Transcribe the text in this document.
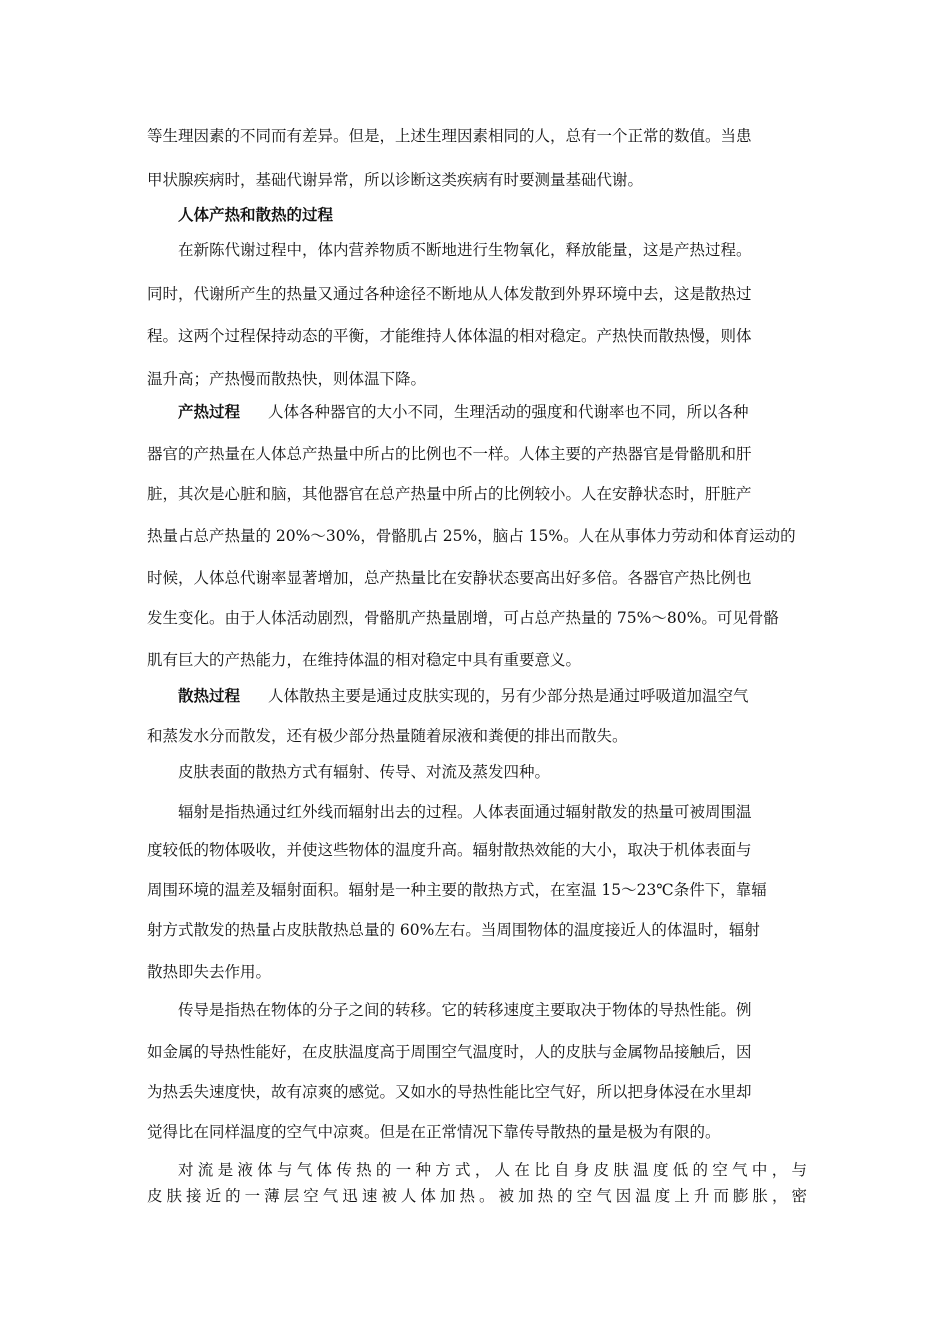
等生理因素的不同而有差异。但是，上述生理因素相同的人，总有一个正常的数值。当患
甲状腺疾病时，基础代谢异常，所以诊断这类疾病有时要测量基础代谢。
人体产热和散热的过程
在新陈代谢过程中，体内营养物质不断地进行生物氧化，释放能量，这是产热过程。
同时，代谢所产生的热量又通过各种途径不断地从人体发散到外界环境中去，这是散热过
程。这两个过程保持动态的平衡，才能维持人体体温的相对稳定。产热快而散热慢，则体
温升高；产热慢而散热快，则体温下降。
产热过程 人体各种器官的大小不同，生理活动的强度和代谢率也不同，所以各种
器官的产热量在人体总产热量中所占的比例也不一样。人体主要的产热器官是骨骼肌和肝
脏，其次是心脏和脑，其他器官在总产热量中所占的比例较小。人在安静状态时，肝脏产
热量占总产热量的 20%～30%，骨骼肌占 25%，脑占 15%。人在从事体力劳动和体育运动的
时候，人体总代谢率显著增加，总产热量比在安静状态要高出好多倍。各器官产热比例也
发生变化。由于人体活动剧烈，骨骼肌产热量剧增，可占总产热量的 75%～80%。可见骨骼
肌有巨大的产热能力，在维持体温的相对稳定中具有重要意义。
散热过程 人体散热主要是通过皮肤实现的，另有少部分热是通过呼吸道加温空气
和蒸发水分而散发，还有极少部分热量随着尿液和粪便的排出而散失。
皮肤表面的散热方式有辐射、传导、对流及蒸发四种。
辐射是指热通过红外线而辐射出去的过程。人体表面通过辐射散发的热量可被周围温
度较低的物体吸收，并使这些物体的温度升高。辐射散热效能的大小，取决于机体表面与
周围环境的温差及辐射面积。辐射是一种主要的散热方式，在室温 15～23℃条件下，靠辐
射方式散发的热量占皮肤散热总量的 60%左右。当周围物体的温度接近人的体温时，辐射
散热即失去作用。
传导是指热在物体的分子之间的转移。它的转移速度主要取决于物体的导热性能。例
如金属的导热性能好，在皮肤温度高于周围空气温度时，人的皮肤与金属物品接触后，因
为热丢失速度快，故有凉爽的感觉。又如水的导热性能比空气好，所以把身体浸在水里却
觉得比在同样温度的空气中凉爽。但是在正常情况下靠传导散热的量是极为有限的。
对流是液体与气体传热的一种方式，人在比自身皮肤温度低的空气中，与
皮肤接近的一薄层空气迅速被人体加热。被加热的空气因温度上升而膨胀，密
